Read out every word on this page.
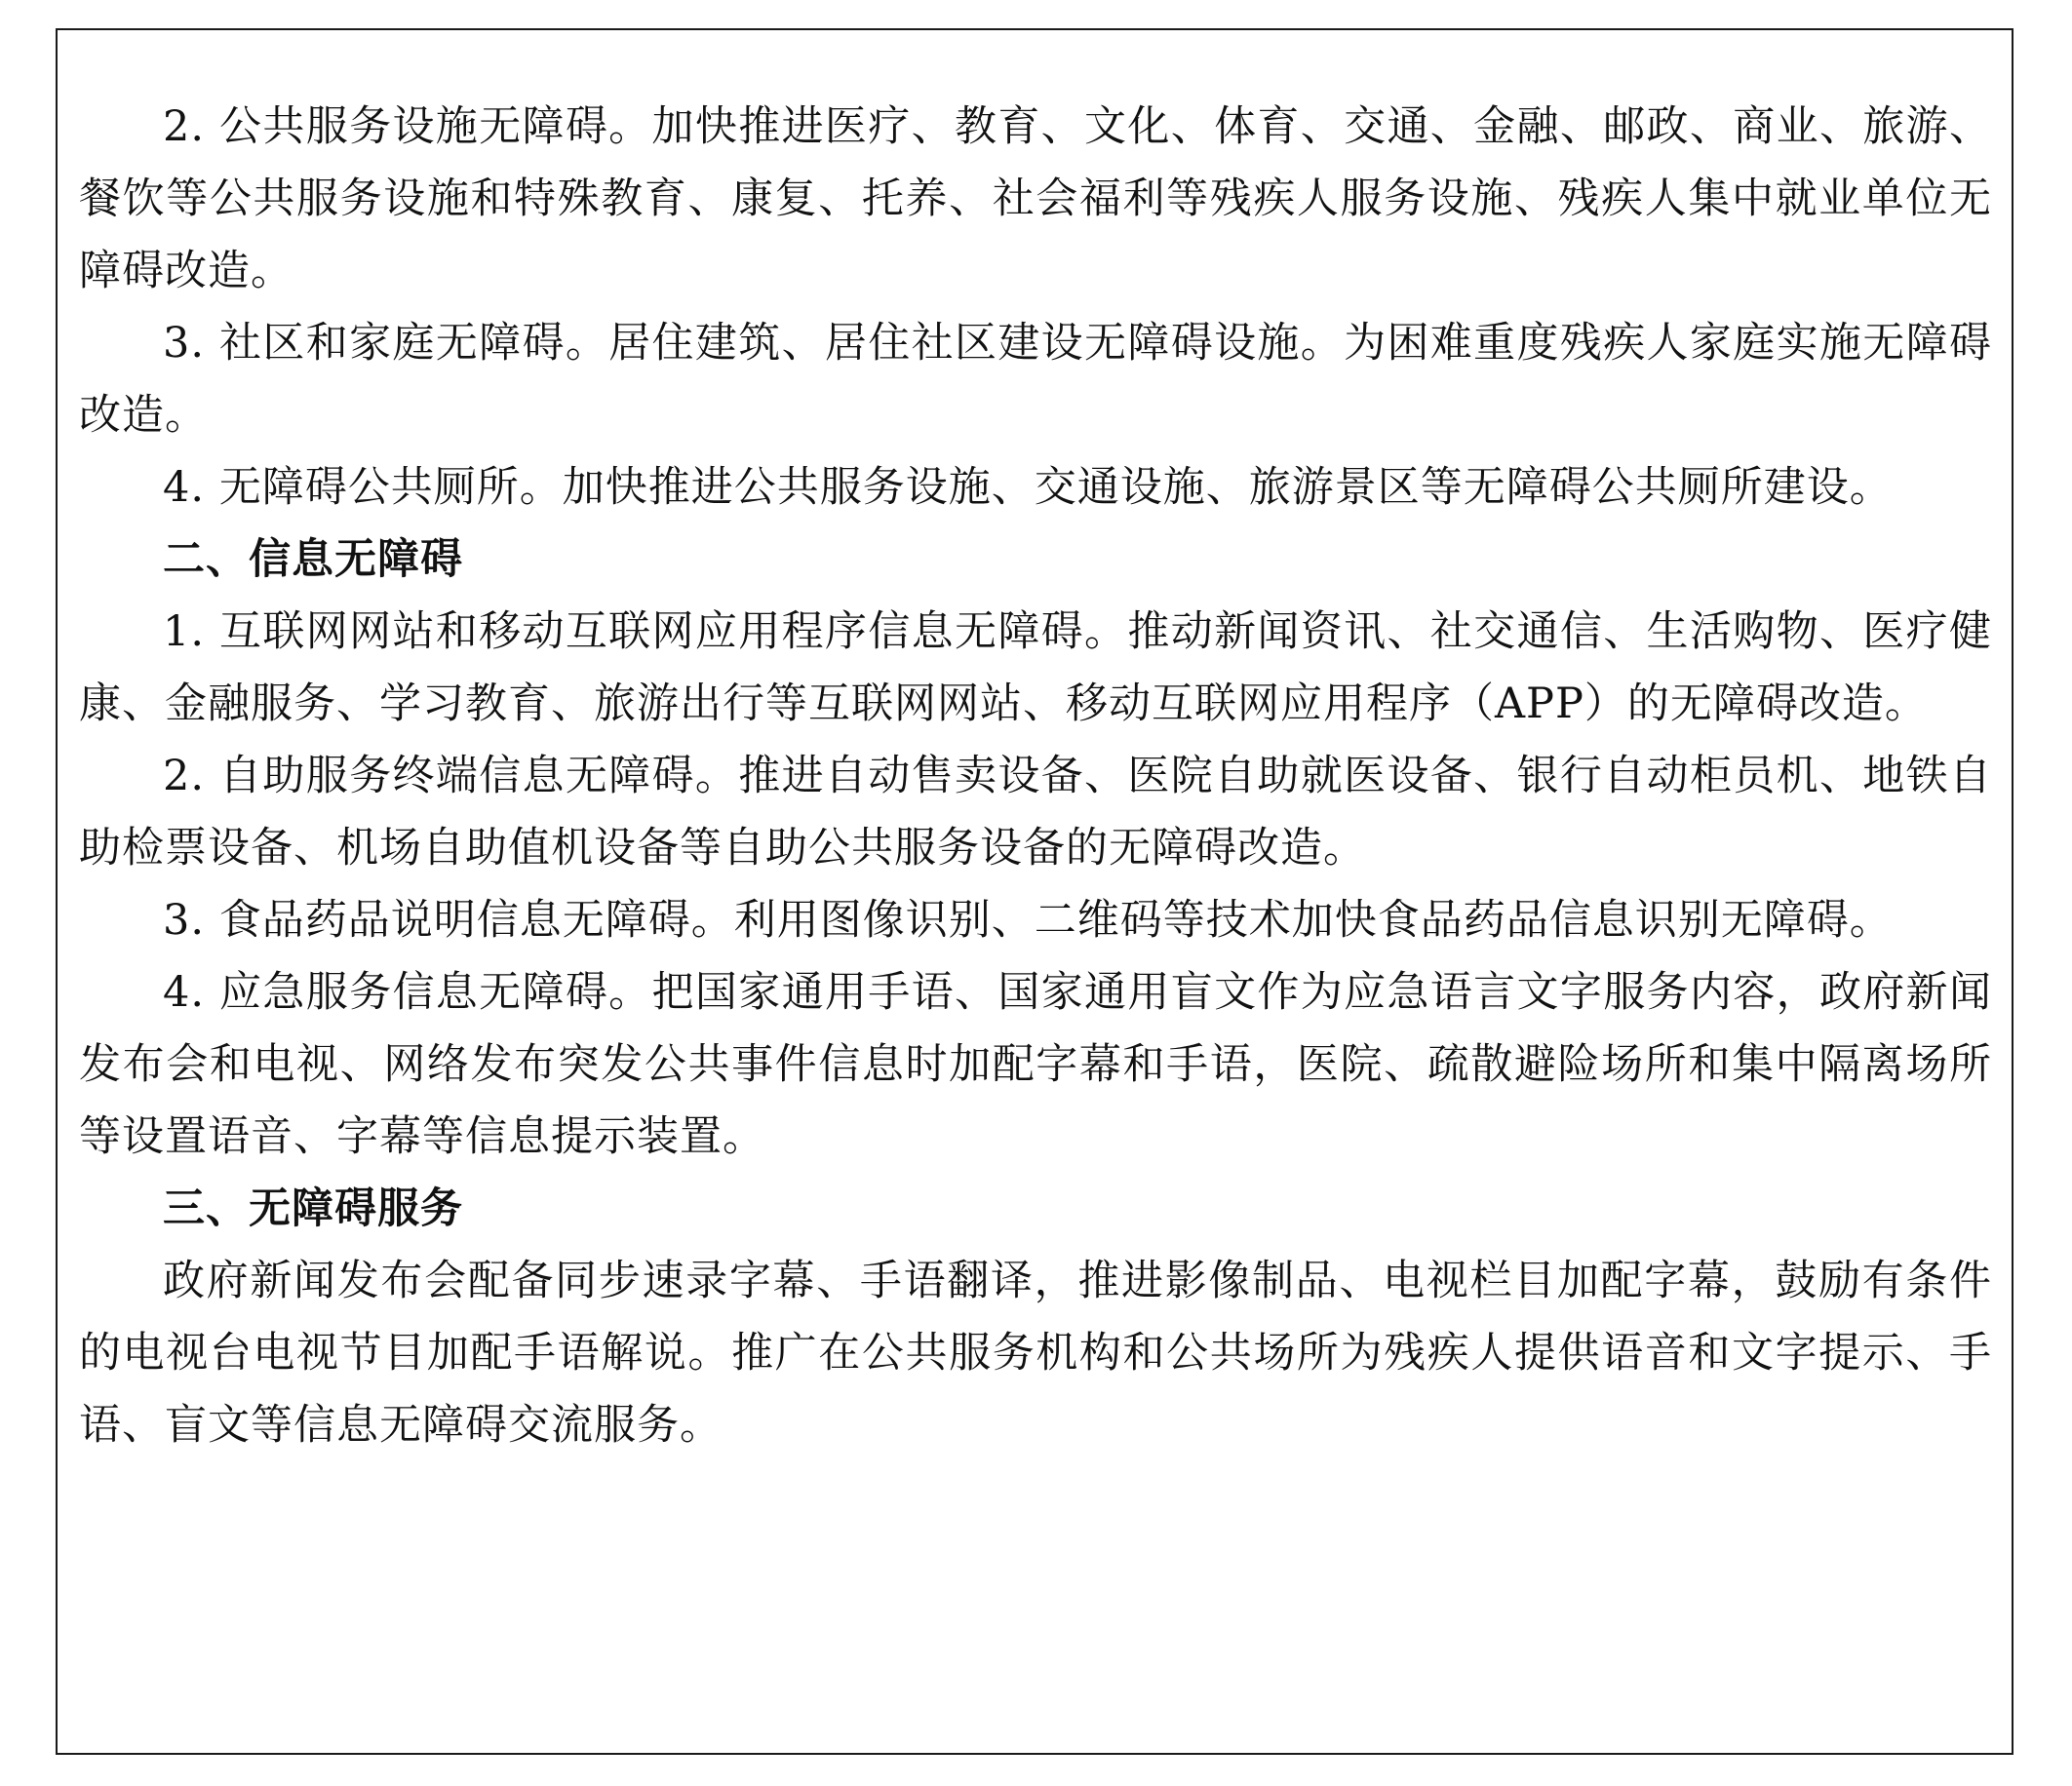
2. 公共服务设施无障碍。加快推进医疗、教育、文化、体育、交通、金融、邮政、商业、旅游、餐饮等公共服务设施和特殊教育、康复、托养、社会福利等残疾人服务设施、残疾人集中就业单位无障碍改造。

3. 社区和家庭无障碍。居住建筑、居住社区建设无障碍设施。为困难重度残疾人家庭实施无障碍改造。

4. 无障碍公共厕所。加快推进公共服务设施、交通设施、旅游景区等无障碍公共厕所建设。

二、信息无障碍

1. 互联网网站和移动互联网应用程序信息无障碍。推动新闻资讯、社交通信、生活购物、医疗健康、金融服务、学习教育、旅游出行等互联网网站、移动互联网应用程序（APP）的无障碍改造。

2. 自助服务终端信息无障碍。推进自动售卖设备、医院自助就医设备、银行自动柜员机、地铁自助检票设备、机场自助值机设备等自助公共服务设备的无障碍改造。

3. 食品药品说明信息无障碍。利用图像识别、二维码等技术加快食品药品信息识别无障碍。

4. 应急服务信息无障碍。把国家通用手语、国家通用盲文作为应急语言文字服务内容，政府新闻发布会和电视、网络发布突发公共事件信息时加配字幕和手语，医院、疏散避险场所和集中隔离场所等设置语音、字幕等信息提示装置。

三、无障碍服务

政府新闻发布会配备同步速录字幕、手语翻译，推进影像制品、电视栏目加配字幕，鼓励有条件的电视台电视节目加配手语解说。推广在公共服务机构和公共场所为残疾人提供语音和文字提示、手语、盲文等信息无障碍交流服务。
